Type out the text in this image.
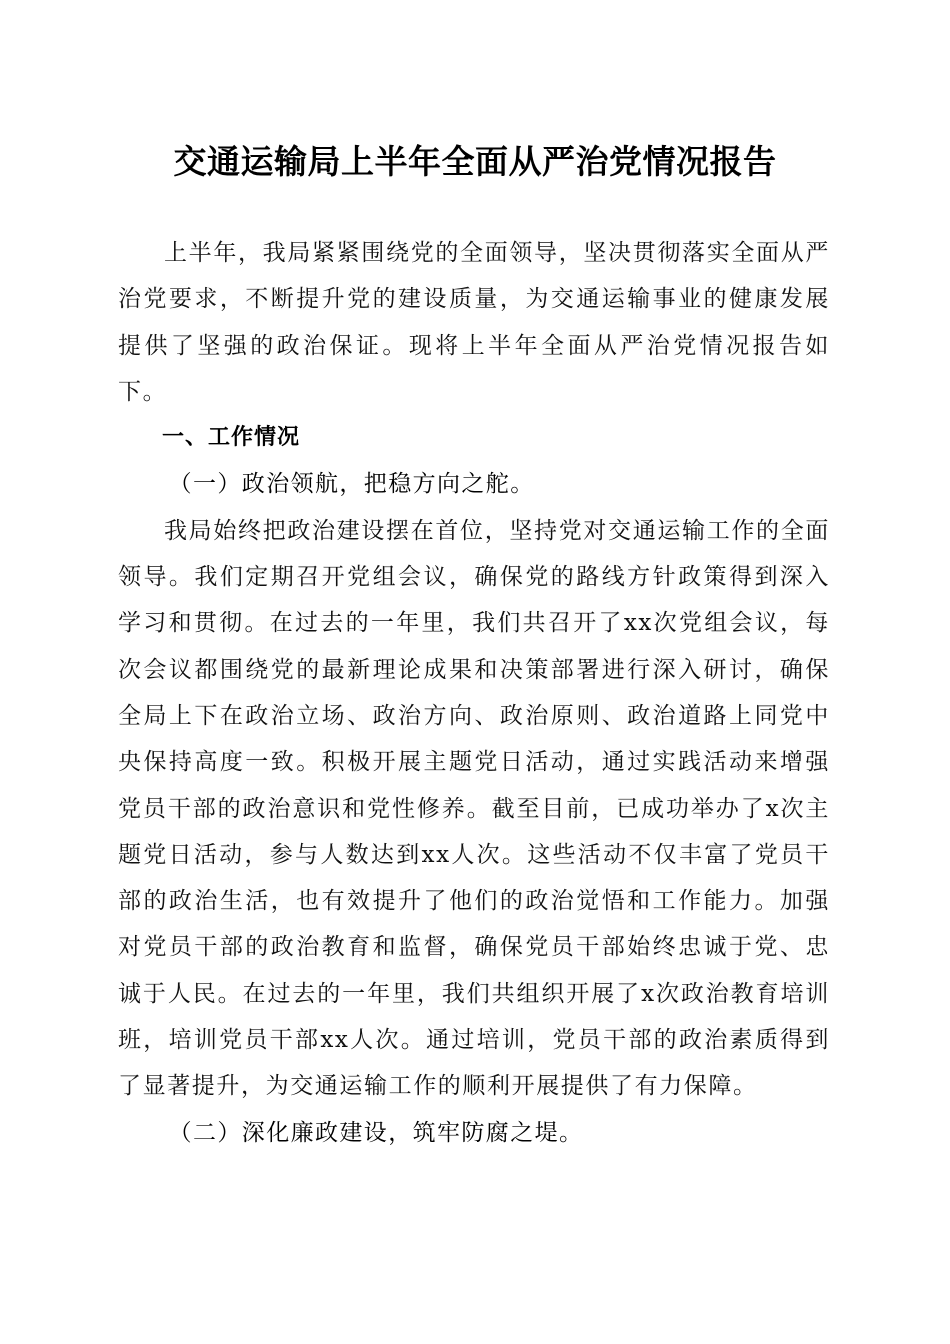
交通运输局上半年全面从严治党情况报告

上半年，我局紧紧围绕党的全面领导，坚决贯彻落实全面从严治党要求，不断提升党的建设质量，为交通运输事业的健康发展提供了坚强的政治保证。现将上半年全面从严治党情况报告如下。

一、工作情况

（一）政治领航，把稳方向之舵。

我局始终把政治建设摆在首位，坚持党对交通运输工作的全面领导。我们定期召开党组会议，确保党的路线方针政策得到深入学习和贯彻。在过去的一年里，我们共召开了xx次党组会议，每次会议都围绕党的最新理论成果和决策部署进行深入研讨，确保全局上下在政治立场、政治方向、政治原则、政治道路上同党中央保持高度一致。积极开展主题党日活动，通过实践活动来增强党员干部的政治意识和党性修养。截至目前，已成功举办了x次主题党日活动，参与人数达到xx人次。这些活动不仅丰富了党员干部的政治生活，也有效提升了他们的政治觉悟和工作能力。加强对党员干部的政治教育和监督，确保党员干部始终忠诚于党、忠诚于人民。在过去的一年里，我们共组织开展了x次政治教育培训班，培训党员干部xx人次。通过培训，党员干部的政治素质得到了显著提升，为交通运输工作的顺利开展提供了有力保障。

（二）深化廉政建设，筑牢防腐之堤。
